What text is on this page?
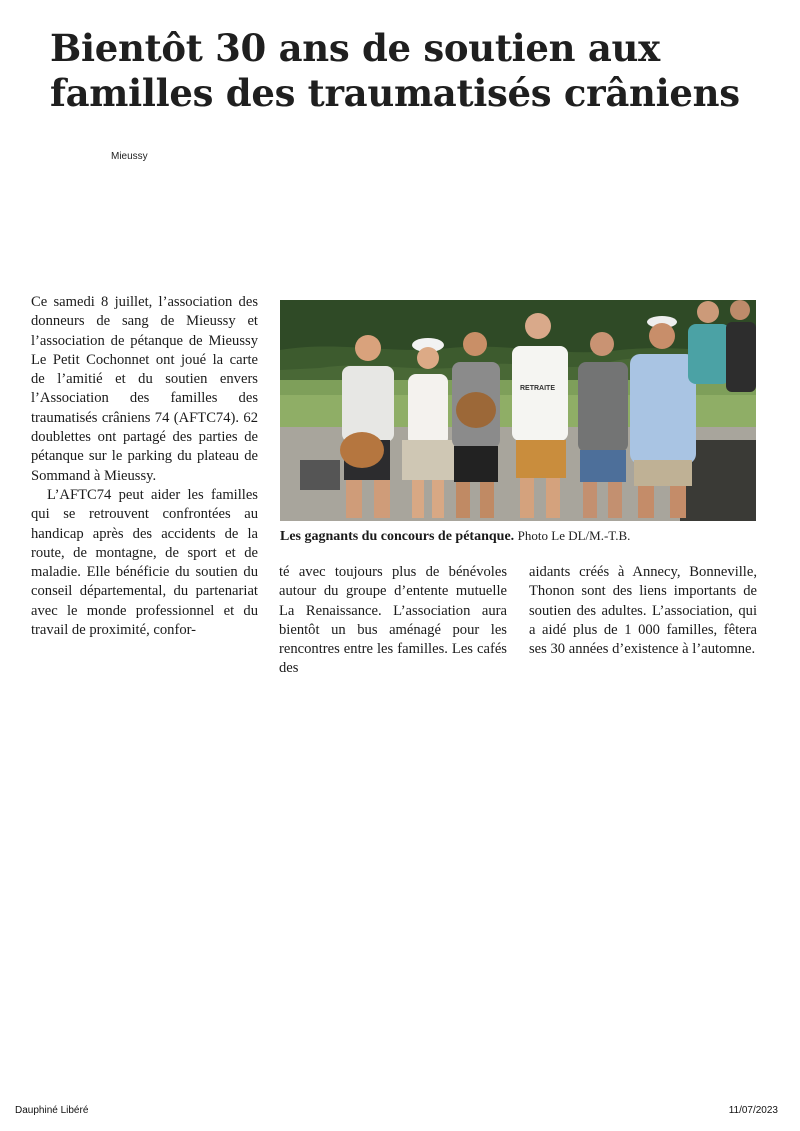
Bientôt 30 ans de soutien aux
familles des traumatisés crâniens
Mieussy

Ce samedi 8 juillet, l’association des donneurs de sang de Mieussy et l’association de pétanque de Mieussy Le Petit Cochonnet ont joué la carte de l’amitié et du soutien envers l’Association des familles des traumatisés crâniens 74 (AFTC74). 62 doublettes ont partagé des parties de pétanque sur le parking du plateau de Sommand à Mieussy.

L’AFTC74 peut aider les familles qui se retrouvent confrontées au handicap après des accidents de la route, de montagne, de sport et de maladie. Elle bénéficie du soutien du conseil départemental, du partenariat avec le monde professionnel et du travail de proximité, confor-

RETRAITE
Les gagnants du concours de pétanque. Photo Le DL/M.-T.B.

té avec toujours plus de bénévoles autour du groupe d’entente mutuelle La Renaissance. L’association aura bientôt un bus aménagé pour les rencontres entre les familles. Les cafés des

aidants créés à Annecy, Bonneville, Thonon sont des liens importants de soutien des adultes. L’association, qui a aidé plus de 1 000 familles, fêtera ses 30 années d’existence à l’automne.

Dauphiné Libéré	11/07/2023
